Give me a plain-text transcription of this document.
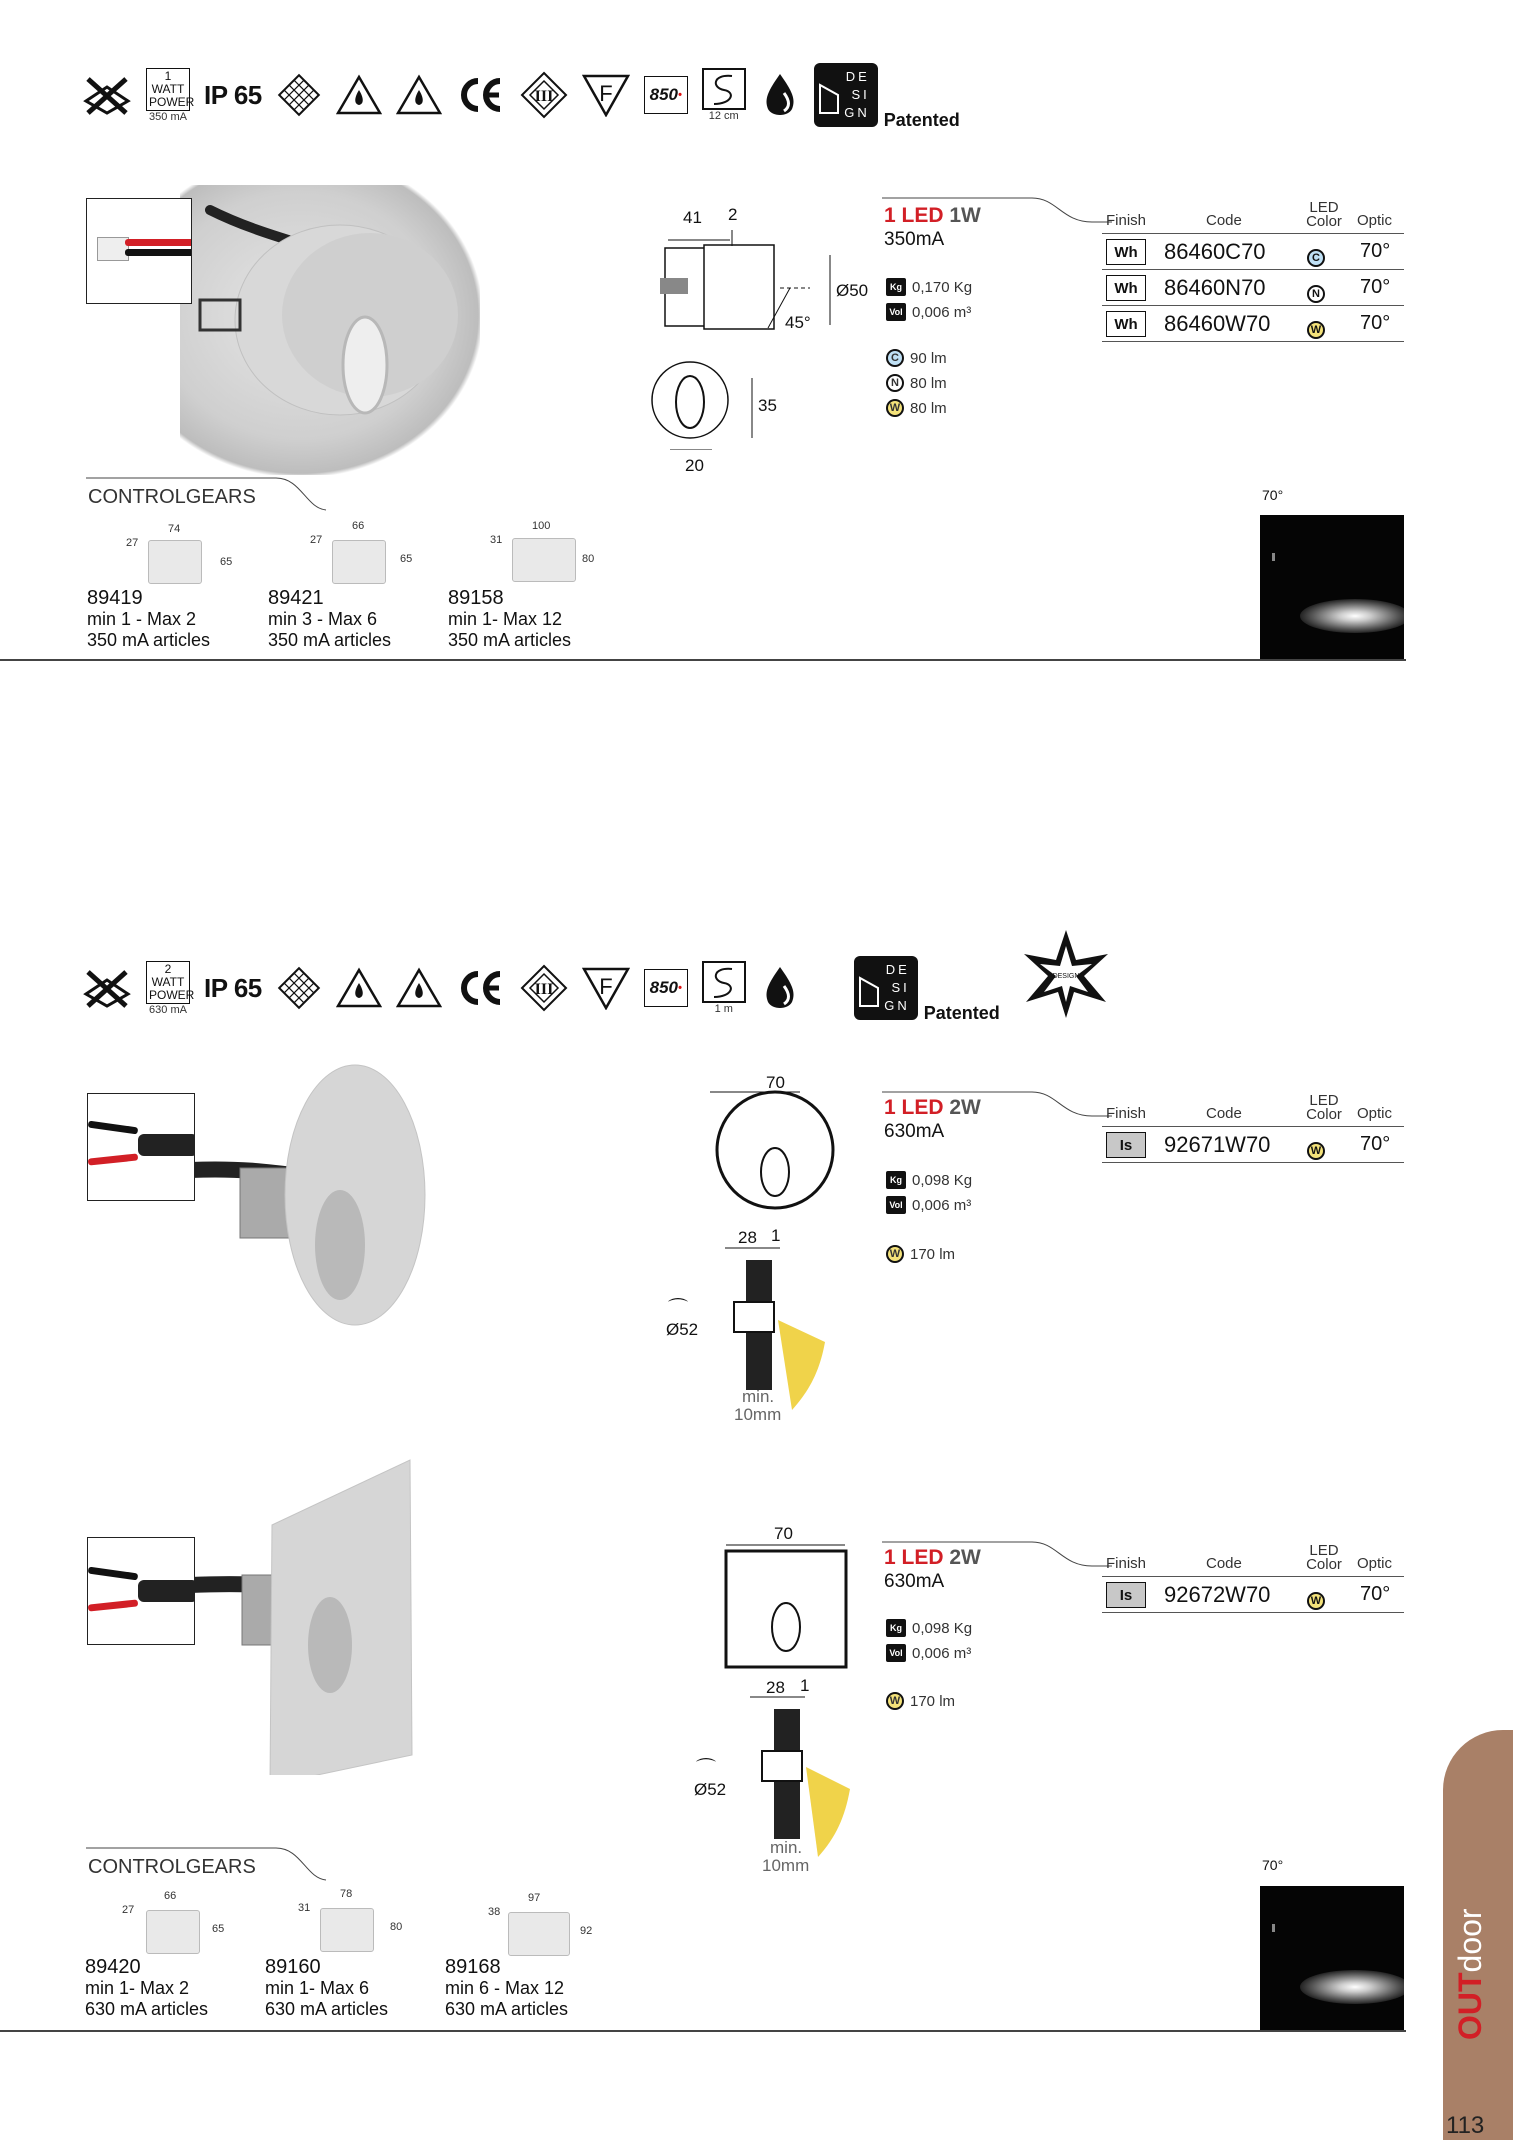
1 WATT POWER
350 mA
IP 65	III F 850 •
12 cm
DE
SI
GN Patented
41 2
Ø50
45°
35
20
1 LED 1W
350mA
Kg 0,170 Kg
Vol 0,006 m³
C 90 lm
N 80 lm
W 80 lm
Finish	Code
LED Color Optic
Wh	86460C70	C 70°
Wh	86460N70	N 70°
Wh	86460W70	W 70°
CONTROLGEARS
74
27
65
89419
min 1 - Max 2
350 mA articles
66
27
65
89421
min 3 - Max 6
350 mA articles
100
31
80
89158
min 1- Max 12
350 mA articles
70°
2 WATT POWER
630 mA
IP 65	III F 850 •
1 m
DE
SI
GN Patented
DESIGN
70
28 1
⌒
Ø52
min.
10mm
1 LED 2W
630mA
Kg 0,098 Kg
Vol 0,006 m³
W 170 lm
Finish	Code
LED Color Optic
Is	92671W70	W 70°
70
28 1
⌒
Ø52
min.
10mm
1 LED 2W
630mA
Kg 0,098 Kg
Vol 0,006 m³
W 170 lm
Finish	Code
LED Color Optic
Is	92672W70	W 70°
CONTROLGEARS
66
27
65
89420
min 1- Max 2
630 mA articles
78
31
80
89160
min 1- Max 6
630 mA articles
97
38
92
89168
min 6 - Max 12
630 mA articles
70°
OUTdoor
113
